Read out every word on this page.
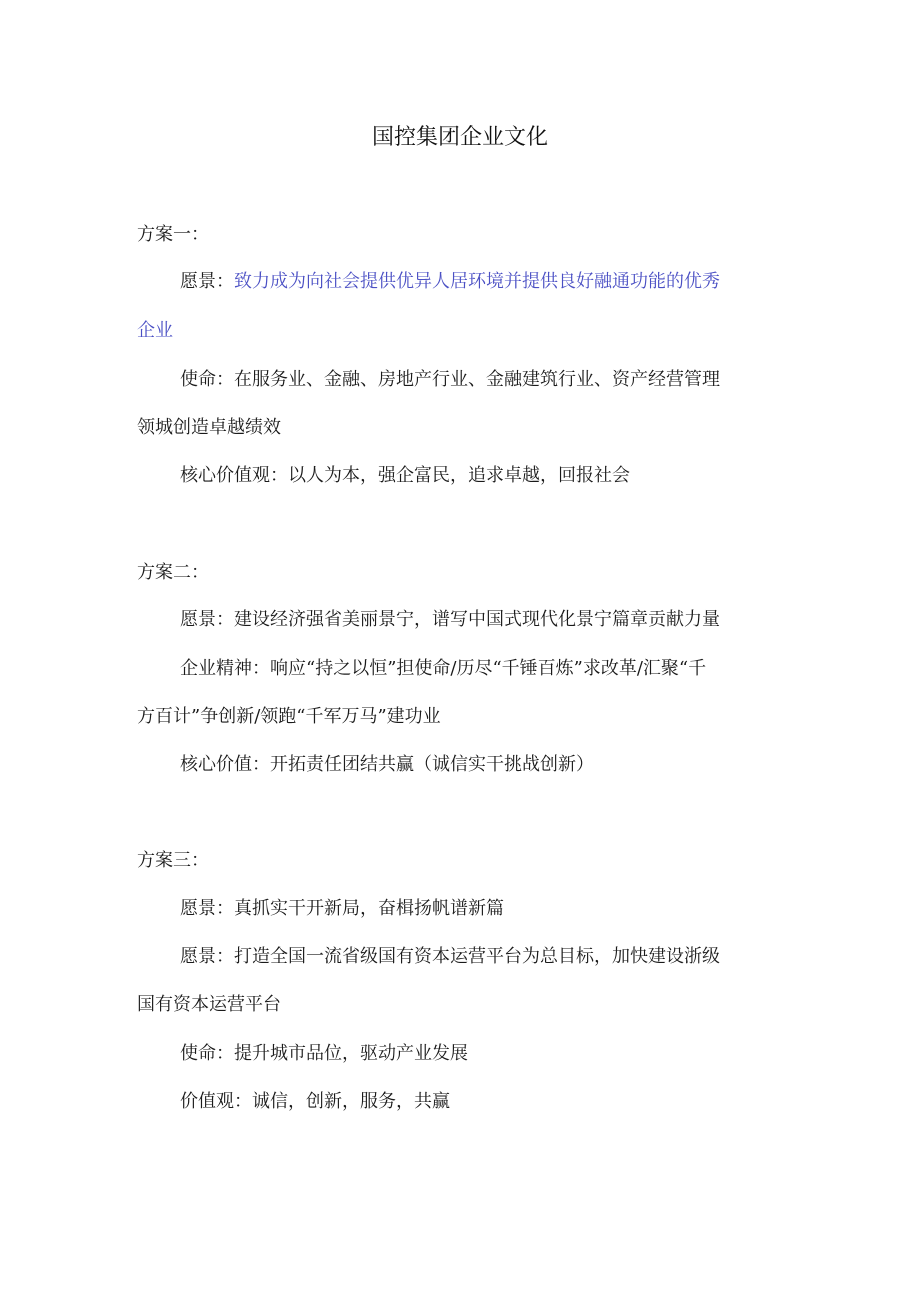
国控集团企业文化
方案一：
愿景：致力成为向社会提供优异人居环境并提供良好融通功能的优秀
企业
使命：在服务业、金融、房地产行业、金融建筑行业、资产经营管理
领城创造卓越绩效
核心价值观：以人为本，强企富民，追求卓越，回报社会
方案二：
愿景：建设经济强省美丽景宁，谱写中国式现代化景宁篇章贡献力量
企业精神：响应“持之以恒”担使命/历尽“千锤百炼”求改革/汇聚“千
方百计”争创新/领跑“千军万马”建功业
核心价值：开拓责任团结共赢（诚信实干挑战创新）
方案三：
愿景：真抓实干开新局，奋楫扬帆谱新篇
愿景：打造全国一流省级国有资本运营平台为总目标，加快建设浙级
国有资本运营平台
使命：提升城市品位，驱动产业发展
价值观：诚信，创新，服务，共赢
